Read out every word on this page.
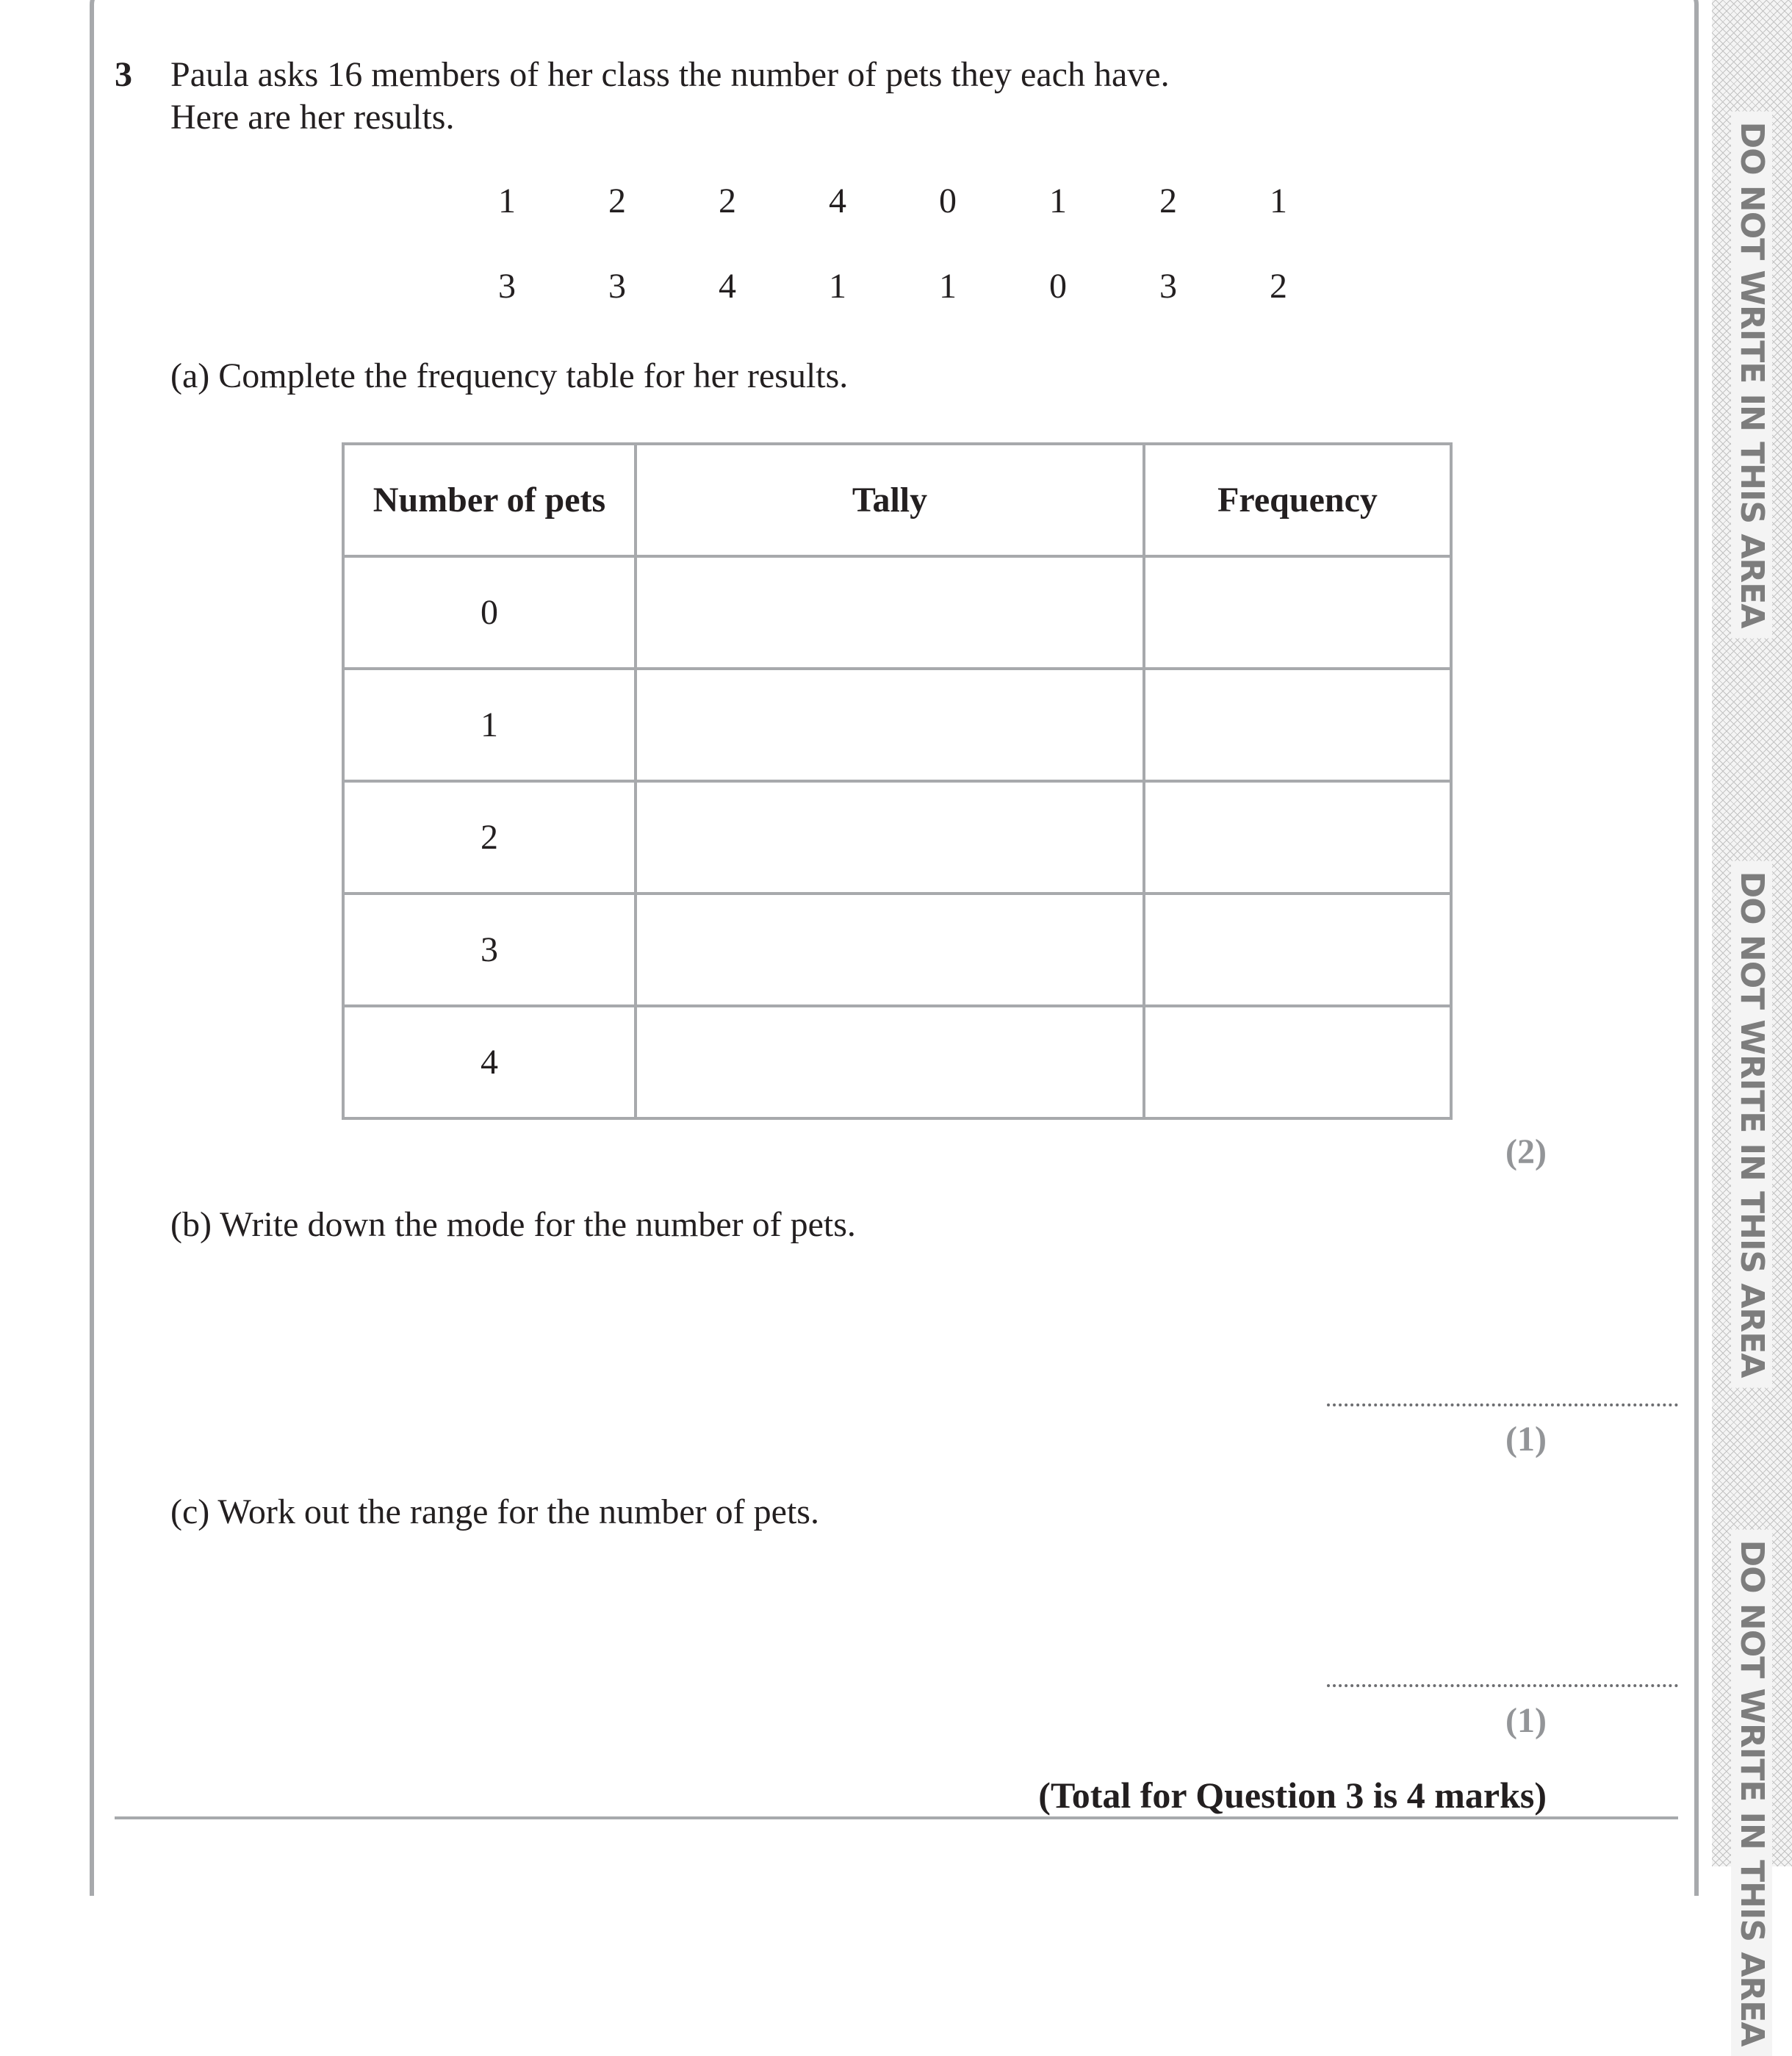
DO NOT WRITE IN THIS AREA
DO NOT WRITE IN THIS AREA
DO NOT WRITE IN THIS AREA
3 Paula asks 16 members of her class the number of pets they each have.
Here are her results.
1	2	2	4	0	1	2	1
3	3	4	1	1	0	3	2
(a) Complete the frequency table for her results.
Number of pets	Tally	Frequency
0		
1		
2		
3		
4		
(2)
(b) Write down the mode for the number of pets.
(1)
(c) Work out the range for the number of pets.
(1)
(Total for Question 3 is 4 marks)
